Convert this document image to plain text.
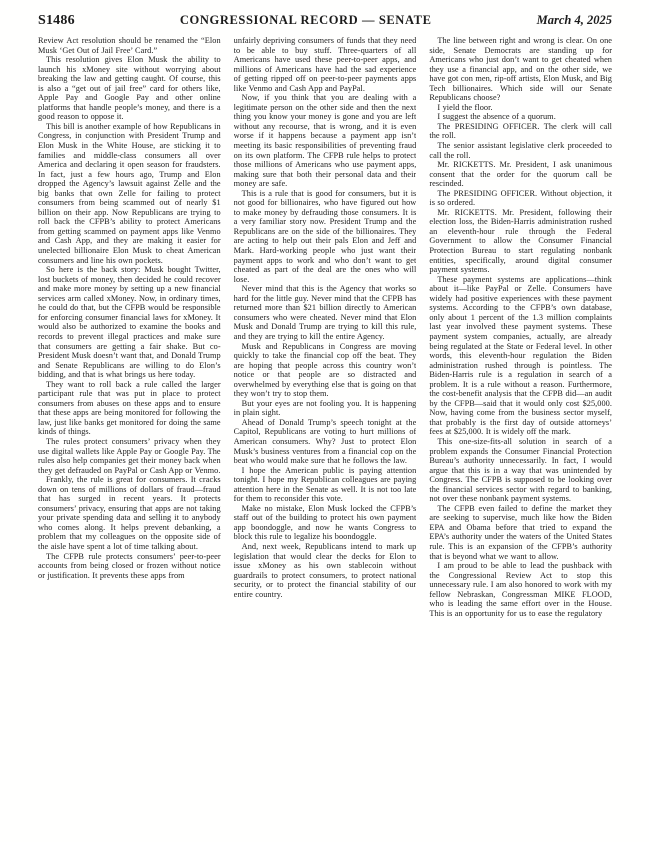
S1486	CONGRESSIONAL RECORD — SENATE	March 4, 2025

Review Act resolution should be renamed the “Elon Musk ‘Get Out of Jail Free’ Card.”

This resolution gives Elon Musk the ability to launch his xMoney site without worrying about breaking the law and getting caught. Of course, this is also a “get out of jail free” card for others like, Apple Pay and Google Pay and other online platforms that handle people’s money, and there is a good reason to oppose it.

This bill is another example of how Republicans in Congress, in conjunction with President Trump and Elon Musk in the White House, are sticking it to families and middle-class consumers all over America and declaring it open season for fraudsters. In fact, just a few hours ago, Trump and Elon dropped the Agency’s lawsuit against Zelle and the big banks that own Zelle for failing to protect consumers from being scammed out of nearly $1 billion on their app. Now Republicans are trying to roll back the CFPB’s ability to protect Americans from getting scammed on payment apps like Venmo and Cash App, and they are making it easier for unelected billionaire Elon Musk to cheat American consumers and line his own pockets.

So here is the back story: Musk bought Twitter, lost buckets of money, then decided he could recover and make more money by setting up a new financial services arm called xMoney. Now, in ordinary times, he could do that, but the CFPB would be responsible for enforcing consumer financial laws for xMoney. It would also be authorized to examine the books and records to prevent illegal practices and make sure that consumers are getting a fair shake. But co-President Musk doesn’t want that, and Donald Trump and Senate Republicans are willing to do Elon’s bidding, and that is what brings us here today.

They want to roll back a rule called the larger participant rule that was put in place to protect consumers from abuses on these apps and to ensure that these apps are being monitored for following the law, just like banks get monitored for doing the same kinds of things.

The rules protect consumers’ privacy when they use digital wallets like Apple Pay or Google Pay. The rules also help companies get their money back when they get defrauded on PayPal or Cash App or Venmo.

Frankly, the rule is great for consumers. It cracks down on tens of millions of dollars of fraud—fraud that has surged in recent years. It protects consumers’ privacy, ensuring that apps are not taking your private spending data and selling it to anybody who comes along. It helps prevent debanking, a problem that my colleagues on the opposite side of the aisle have spent a lot of time talking about.

The CFPB rule protects consumers’ peer-to-peer accounts from being closed or frozen without notice or justification. It prevents these apps from

unfairly depriving consumers of funds that they need to be able to buy stuff. Three-quarters of all Americans have used these peer-to-peer apps, and millions of Americans have had the sad experience of getting ripped off on peer-to-peer payments apps like Venmo and Cash App and PayPal.

Now, if you think that you are dealing with a legitimate person on the other side and then the next thing you know your money is gone and you are left without any recourse, that is wrong, and it is even worse if it happens because a payment app isn’t meeting its basic responsibilities of preventing fraud on its own platform. The CFPB rule helps to protect those millions of Americans who use payment apps, making sure that both their personal data and their money are safe.

This is a rule that is good for consumers, but it is not good for billionaires, who have figured out how to make money by defrauding those consumers. It is a very familiar story now. President Trump and the Republicans are on the side of the billionaires. They are acting to help out their pals Elon and Jeff and Mark. Hard-working people who just want their payment apps to work and who don’t want to get cheated as part of the deal are the ones who will lose.

Never mind that this is the Agency that works so hard for the little guy. Never mind that the CFPB has returned more than $21 billion directly to American consumers who were cheated. Never mind that Elon Musk and Donald Trump are trying to kill this rule, and they are trying to kill the entire Agency.

Musk and Republicans in Congress are moving quickly to take the financial cop off the beat. They are hoping that people across this country won’t notice or that people are so distracted and overwhelmed by everything else that is going on that they won’t try to stop them.

But your eyes are not fooling you. It is happening in plain sight.

Ahead of Donald Trump’s speech tonight at the Capitol, Republicans are voting to hurt millions of American consumers. Why? Just to protect Elon Musk’s business ventures from a financial cop on the beat who would make sure that he follows the law.

I hope the American public is paying attention tonight. I hope my Republican colleagues are paying attention here in the Senate as well. It is not too late for them to reconsider this vote.

Make no mistake, Elon Musk locked the CFPB’s staff out of the building to protect his own payment app boondoggle, and now he wants Congress to block this rule to legalize his boondoggle.

And, next week, Republicans intend to mark up legislation that would clear the decks for Elon to issue xMoney as his own stablecoin without guardrails to protect consumers, to protect national security, or to protect the financial stability of our entire country.

The line between right and wrong is clear. On one side, Senate Democrats are standing up for Americans who just don’t want to get cheated when they use a financial app, and on the other side, we have got con men, rip-off artists, Elon Musk, and Big Tech billionaires. Which side will our Senate Republicans choose?

I yield the floor.

I suggest the absence of a quorum.

The PRESIDING OFFICER. The clerk will call the roll.

The senior assistant legislative clerk proceeded to call the roll.

Mr. RICKETTS. Mr. President, I ask unanimous consent that the order for the quorum call be rescinded.

The PRESIDING OFFICER. Without objection, it is so ordered.

Mr. RICKETTS. Mr. President, following their election loss, the Biden-Harris administration rushed an eleventh-hour rule through the Federal Government to allow the Consumer Financial Protection Bureau to start regulating nonbank entities, specifically, around digital consumer payment systems.

These payment systems are applications—think about it—like PayPal or Zelle. Consumers have widely had positive experiences with these payment systems. According to the CFPB’s own database, only about 1 percent of the 1.3 million complaints last year involved these payment systems. These payment system companies, actually, are already being regulated at the State or Federal level. In other words, this eleventh-hour regulation the Biden administration rushed through is pointless. The Biden-Harris rule is a regulation in search of a problem. It is a rule without a reason. Furthermore, the cost-benefit analysis that the CFPB did—an audit by the CFPB—said that it would only cost $25,000. Now, having come from the business sector myself, that probably is the first day of outside attorneys’ fees at $25,000. It is widely off the mark.

This one-size-fits-all solution in search of a problem expands the Consumer Financial Protection Bureau’s authority unnecessarily. In fact, I would argue that this is in a way that was unintended by Congress. The CFPB is supposed to be looking over the financial services sector with regard to banking, not over these nonbank payment systems.

The CFPB even failed to define the market they are seeking to supervise, much like how the Biden EPA and Obama before that tried to expand the EPA’s authority under the waters of the United States rule. This is an expansion of the CFPB’s authority that is beyond what we want to allow.

I am proud to be able to lead the pushback with the Congressional Review Act to stop this unnecessary rule. I am also honored to work with my fellow Nebraskan, Congressman MIKE FLOOD, who is leading the same effort over in the House. This is an opportunity for us to ease the regulatory
